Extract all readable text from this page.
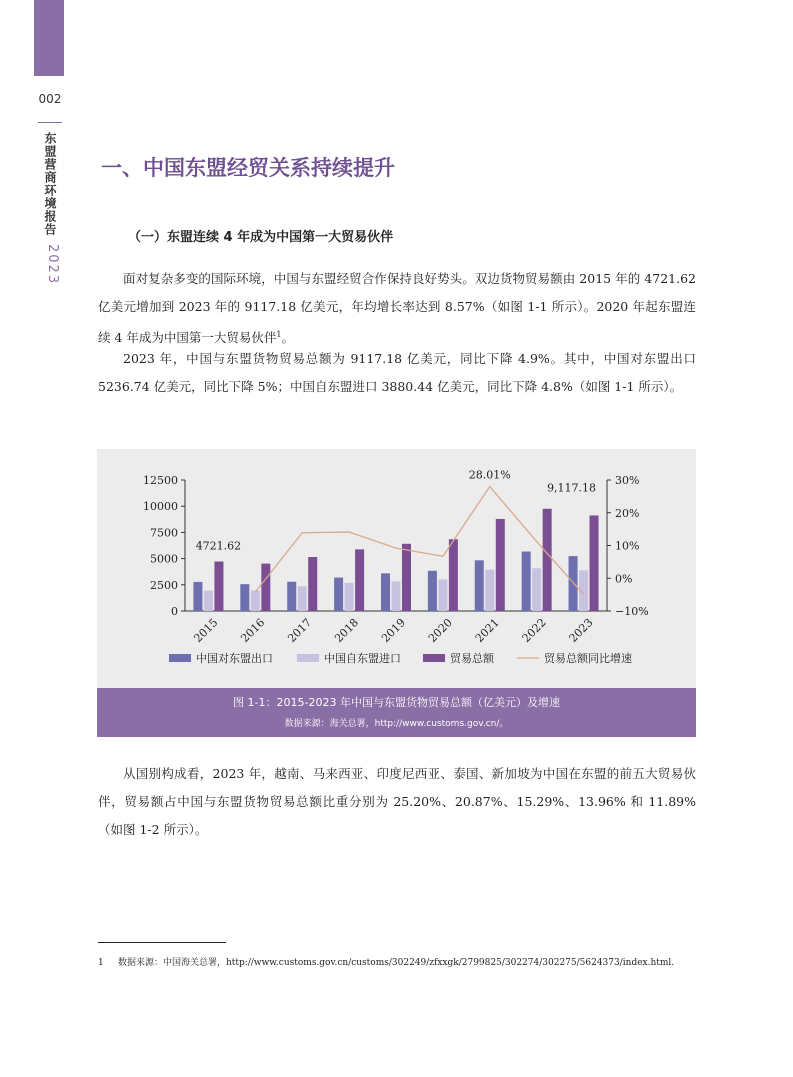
002
东盟营商环境报告
2023
一、中国东盟经贸关系持续提升
（一）东盟连续 4 年成为中国第一大贸易伙伴

面对复杂多变的国际环境，中国与东盟经贸合作保持良好势头。双边货物贸易额由 2015 年的 4721.62 亿美元增加到 2023 年的 9117.18 亿美元，年均增长率达到 8.57%（如图 1-1 所示）。2020 年起东盟连续 4 年成为中国第一大贸易伙伴$^1$。

2023 年，中国与东盟货物贸易总额为 9117.18 亿美元，同比下降 4.9%。其中，中国对东盟出口 5236.74 亿美元，同比下降 5%；中国自东盟进口 3880.44 亿美元，同比下降 4.8%（如图 1-1 所示）。

0
2500
5000
7500
10000
12500
−10%
0%
10%
20%
30%
2015 2016 2017 2018 2019 2020 2021 2022 2023
4721.62
28.01%
9,117.18
中国对东盟出口	中国自东盟进口	贸易总额	贸易总额同比增速
图 1-1：2015-2023 年中国与东盟货物贸易总额（亿美元）及增速
数据来源：海关总署，http://www.customs.gov.cn/。

从国别构成看，2023 年，越南、马来西亚、印度尼西亚、泰国、新加坡为中国在东盟的前五大贸易伙伴，贸易额占中国与东盟货物贸易总额比重分别为 25.20%、20.87%、15.29%、13.96% 和 11.89%（如图 1-2 所示）。

1 数据来源：中国海关总署，http://www.customs.gov.cn/customs/302249/zfxxgk/2799825/302274/302275/5624373/index.html.
